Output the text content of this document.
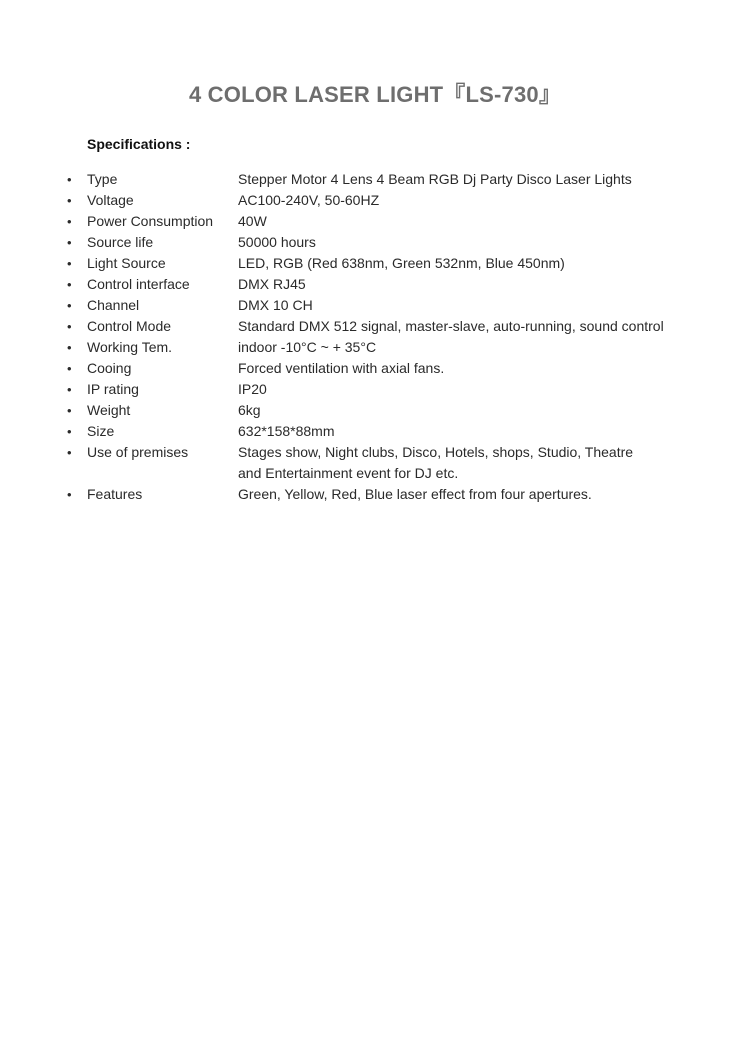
4 COLOR LASER LIGHT『LS-730』
Specifications :
•	Type	Stepper Motor 4 Lens 4 Beam RGB Dj Party Disco Laser Lights
•	Voltage	AC100-240V, 50-60HZ
•	Power Consumption	40W
•	Source life	50000 hours
•	Light Source	LED, RGB (Red 638nm, Green 532nm, Blue 450nm)
•	Control interface	DMX RJ45
•	Channel	DMX 10 CH
•	Control Mode	Standard DMX 512 signal, master-slave, auto-running, sound control
•	Working Tem.	indoor -10°C ~ + 35°C
•	Cooing	Forced ventilation with axial fans.
•	IP rating	IP20
•	Weight	6kg
•	Size	632*158*88mm
•	Use of premises	Stages show, Night clubs, Disco, Hotels, shops, Studio, Theatre
and Entertainment event for DJ etc.
•	Features	Green, Yellow, Red, Blue laser effect from four apertures.
